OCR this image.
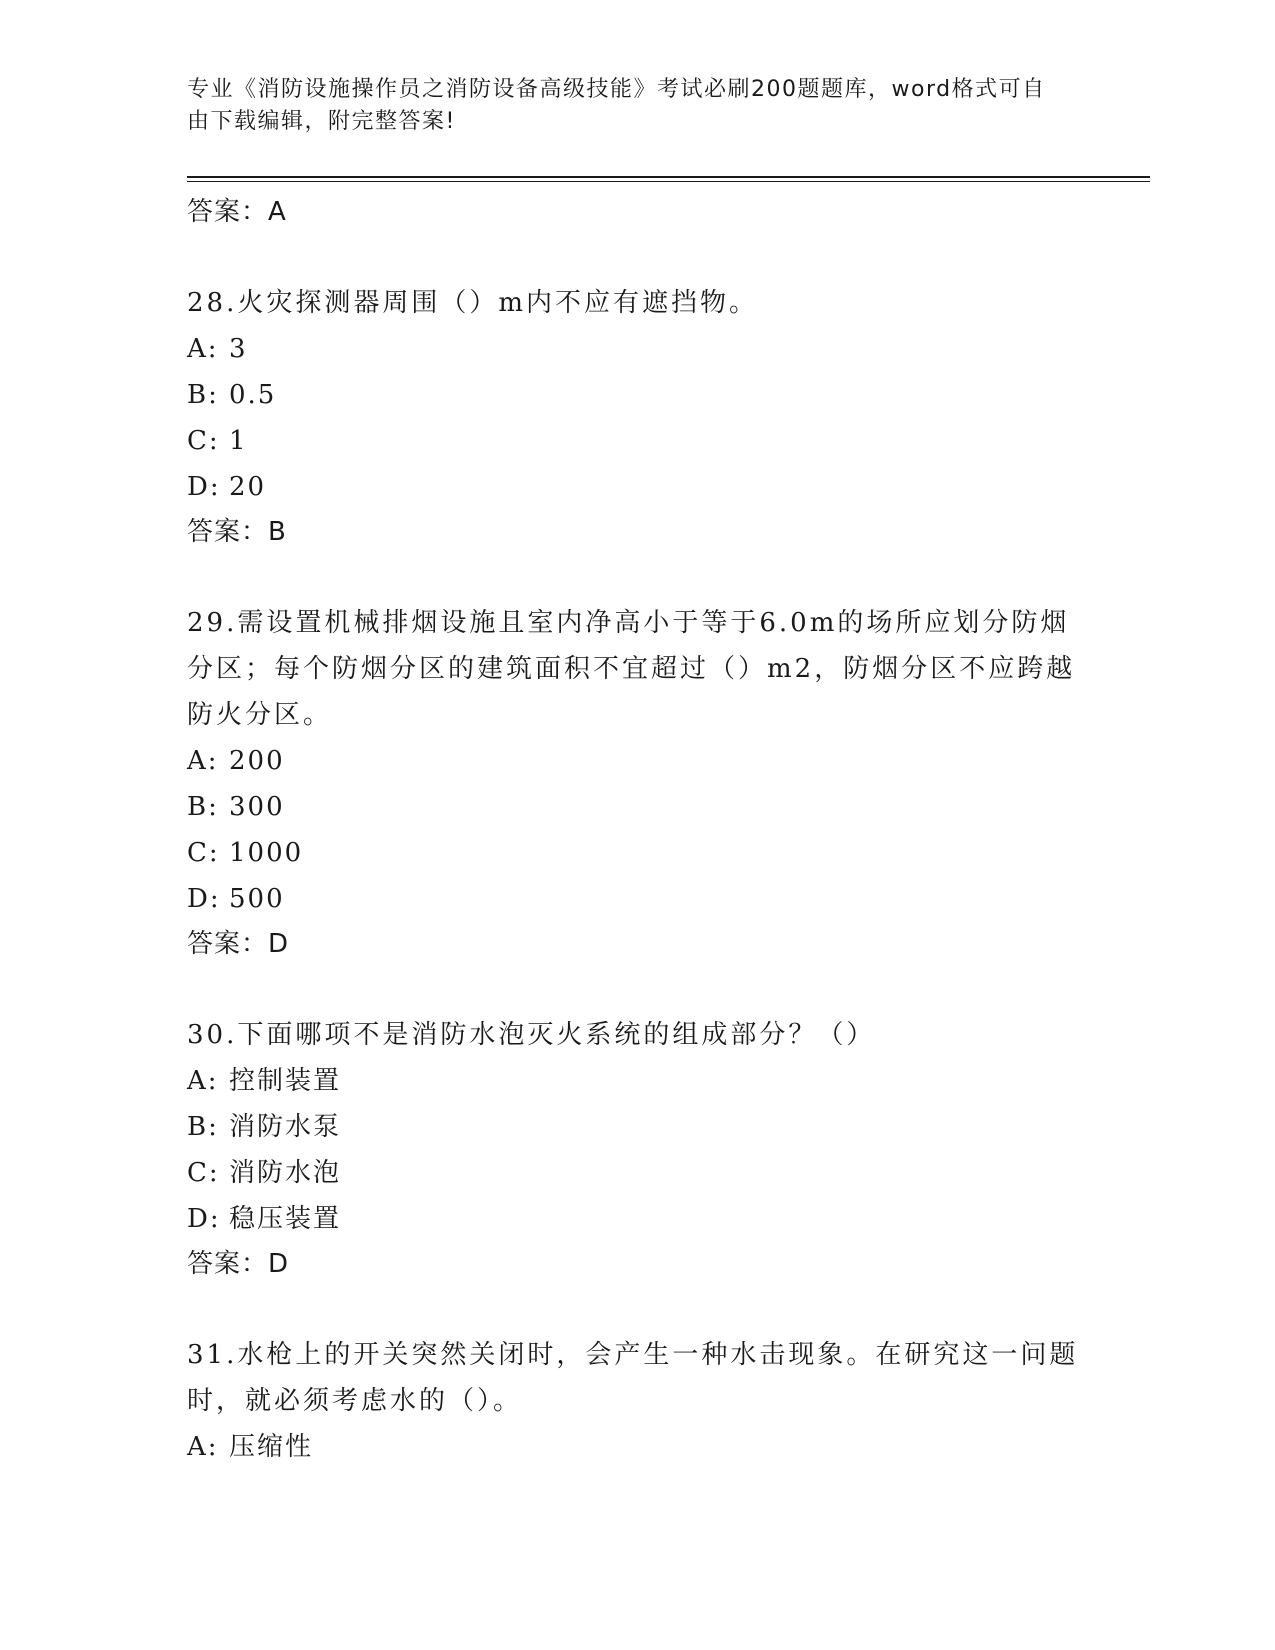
专业《消防设施操作员之消防设备高级技能》考试必刷200题题库，word格式可自由下载编辑，附完整答案!
答案：A
28.火灾探测器周围（）m内不应有遮挡物。
A: 3
B: 0.5
C: 1
D: 20
答案：B
29.需设置机械排烟设施且室内净高小于等于6.0m的场所应划分防烟分区；每个防烟分区的建筑面积不宜超过（）m2，防烟分区不应跨越防火分区。
A: 200
B: 300
C: 1000
D: 500
答案：D
30.下面哪项不是消防水泡灭火系统的组成部分？（）
A: 控制装置
B: 消防水泵
C: 消防水泡
D: 稳压装置
答案：D
31.水枪上的开关突然关闭时，会产生一种水击现象。在研究这一问题时，就必须考虑水的（）。
A: 压缩性
